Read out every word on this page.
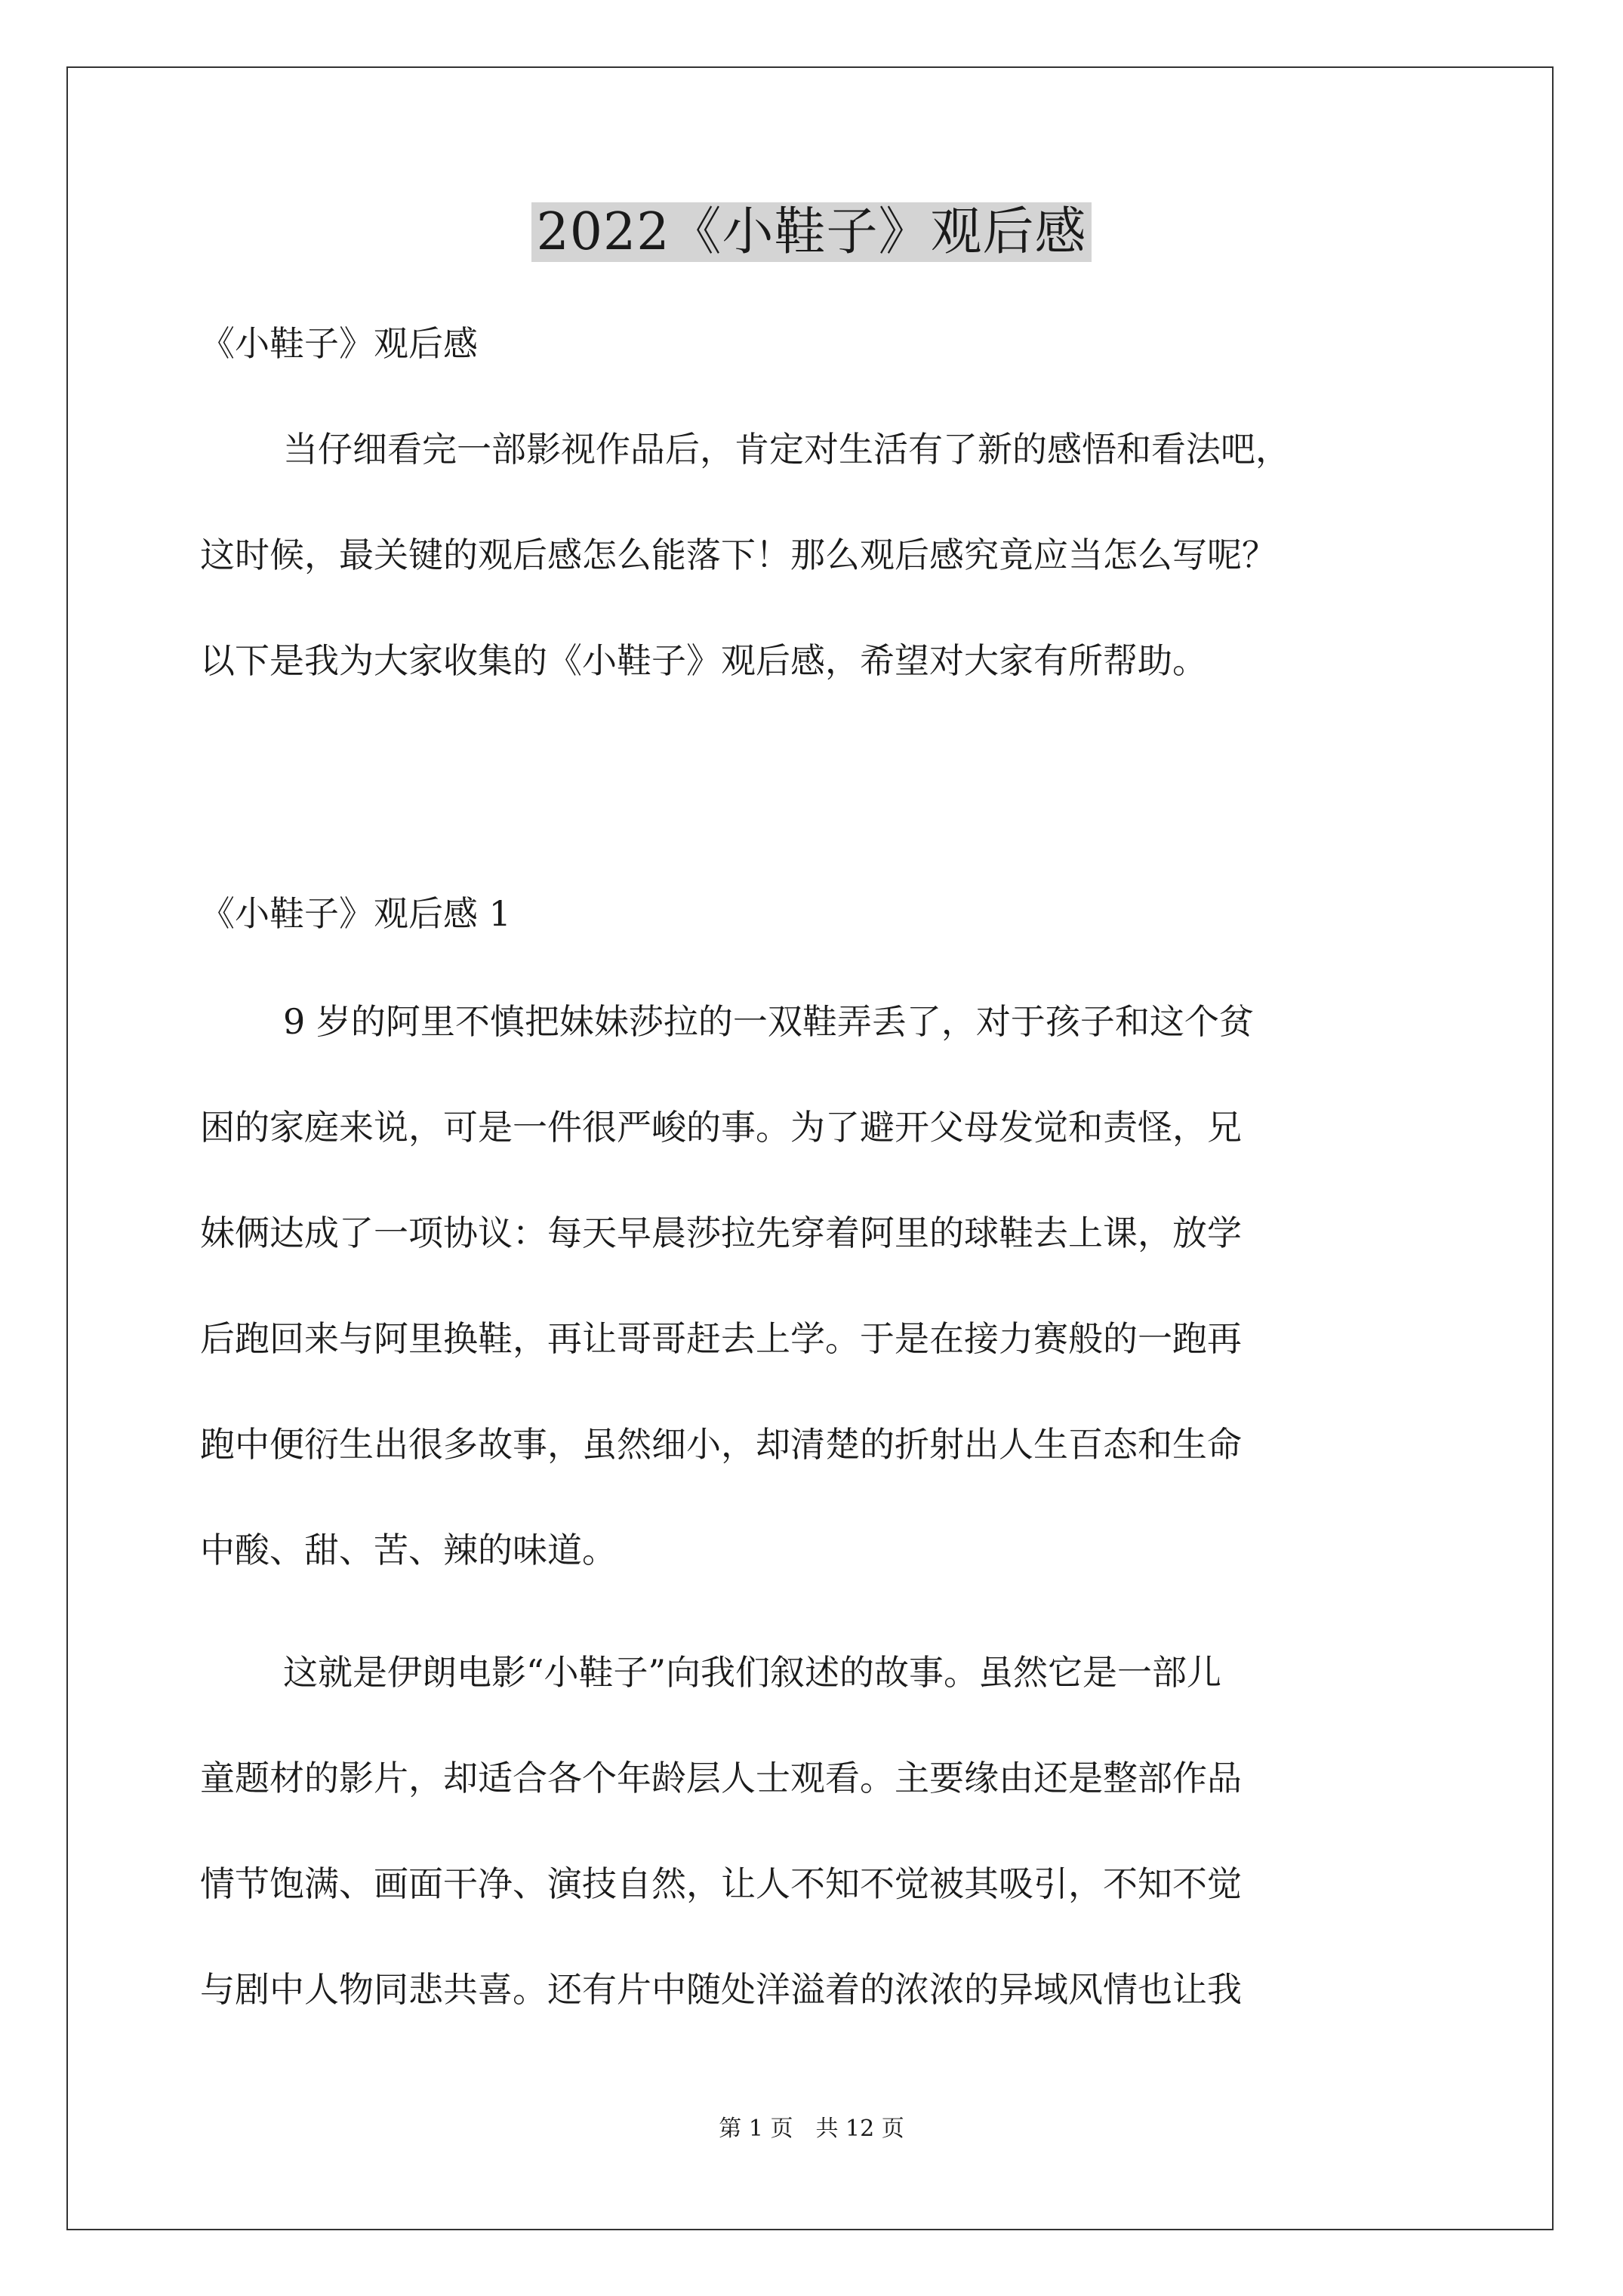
2022《小鞋子》观后感
《小鞋子》观后感
当仔细看完一部影视作品后，肯定对生活有了新的感悟和看法吧，
这时候，最关键的观后感怎么能落下！那么观后感究竟应当怎么写呢？
以下是我为大家收集的《小鞋子》观后感，希望对大家有所帮助。
《小鞋子》观后感 1
9 岁的阿里不慎把妹妹莎拉的一双鞋弄丢了，对于孩子和这个贫
困的家庭来说，可是一件很严峻的事。为了避开父母发觉和责怪，兄
妹俩达成了一项协议：每天早晨莎拉先穿着阿里的球鞋去上课，放学
后跑回来与阿里换鞋，再让哥哥赶去上学。于是在接力赛般的一跑再
跑中便衍生出很多故事，虽然细小，却清楚的折射出人生百态和生命
中酸、甜、苦、辣的味道。
这就是伊朗电影“小鞋子”向我们叙述的故事。虽然它是一部儿
童题材的影片，却适合各个年龄层人士观看。主要缘由还是整部作品
情节饱满、画面干净、演技自然，让人不知不觉被其吸引，不知不觉
与剧中人物同悲共喜。还有片中随处洋溢着的浓浓的异域风情也让我
第 1 页　共 12 页
